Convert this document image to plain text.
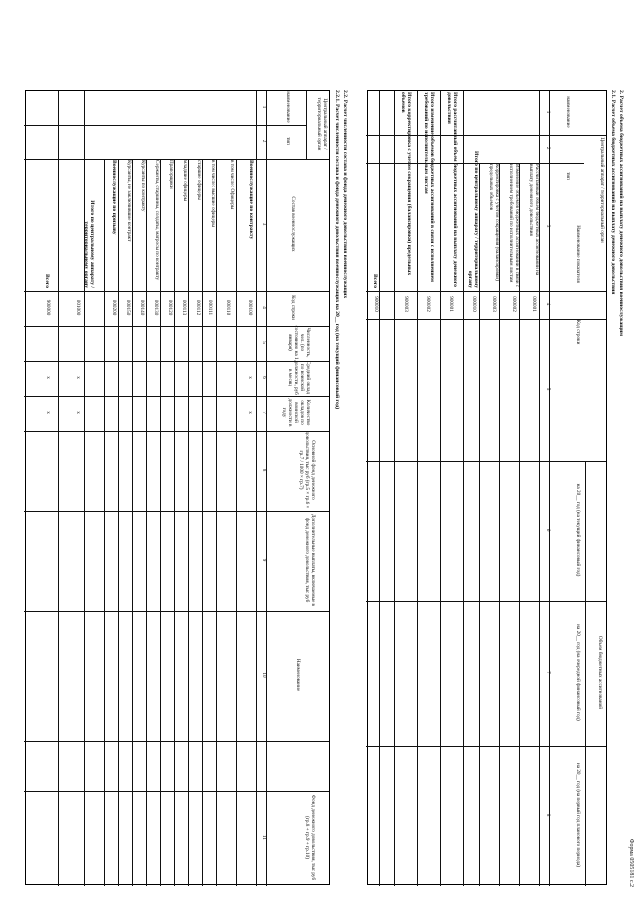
Форма 0505181 с.2
2. Расчет объема бюджетных ассигнований на выплату денежного довольствия военнослужащим
2.1. Расчет объема бюджетных ассигнований на выплату денежного довольствия
Центральный аппарат / территориальный орган
наименование
тип
Наименование показателя
Код строки
Объем бюджетных ассигнований
на 20__ год (на текущий финансовый год)
на 20__ год (на очередной финансовый год)
на 20__ год (на первый год планового периода)
1
2
3
4
5
6
7
8
Рассчитанный объем бюджетных ассигнований на выплату денежного довольствия
000001
Изменение объемов бюджетных ассигнований в связи с исполнением требований по исполнительным листам
000002
Корректировка с учетом сокращения (балансировки) предельных объемов
000003
Итого по центральному аппарату / территориальному органу
000010
Итого рассчитанный объем бюджетных ассигнований на выплату денежного довольствия
900001
Итого изменение объемов бюджетных ассигнований в связи с исполнением требований по исполнительным листам
900002
Итого корректировка с учетом сокращения (балансировки) предельных объемов
900003
Всего
900010
2.2. Расчет численности состава и фонда денежного довольствия военнослужащих
2.2.1. Расчет численности состава и фонда денежного довольствия военнослужащих на 20__ год (на текущий финансовый год)
Центральный аппарат / территориальный орган
наименование
тип
Состав военнослужащих
Код строки
Численность, чел. (по состоянию на 1 января)
Средний оклад по воинской должности, руб в месяц
Количество окладов по воинской должности в году
Основной фонд денежного довольствия, тыс руб (гр.5 × гр.6 × гр.7 / 1000 × гр.7)
Дополнительные выплаты, включаемые в фонд денежного довольствия, тыс руб
Наименование
Фонд денежного довольствия, тыс руб (гр.8 + гр.9 + гр.10)
1
2
3
4
5
6
7
8
9
10
11
Военнослужащие по контракту
000100
x
x
в том числе: Офицеры
000110
в том числе: высшие офицеры
000111
старшие офицеры
000112
младшие офицеры
000113
Прапорщики
000120
Сержанты, старшины, солдаты, матросы по контракту
000130
Курсанты по контракту
000140
Курсанты, не заключившие контракт
000150
Военнослужащие по призыву
000200
Итого по центральному аппарату / территориальному органу
001000
x
x
Всего
900000
x
x
